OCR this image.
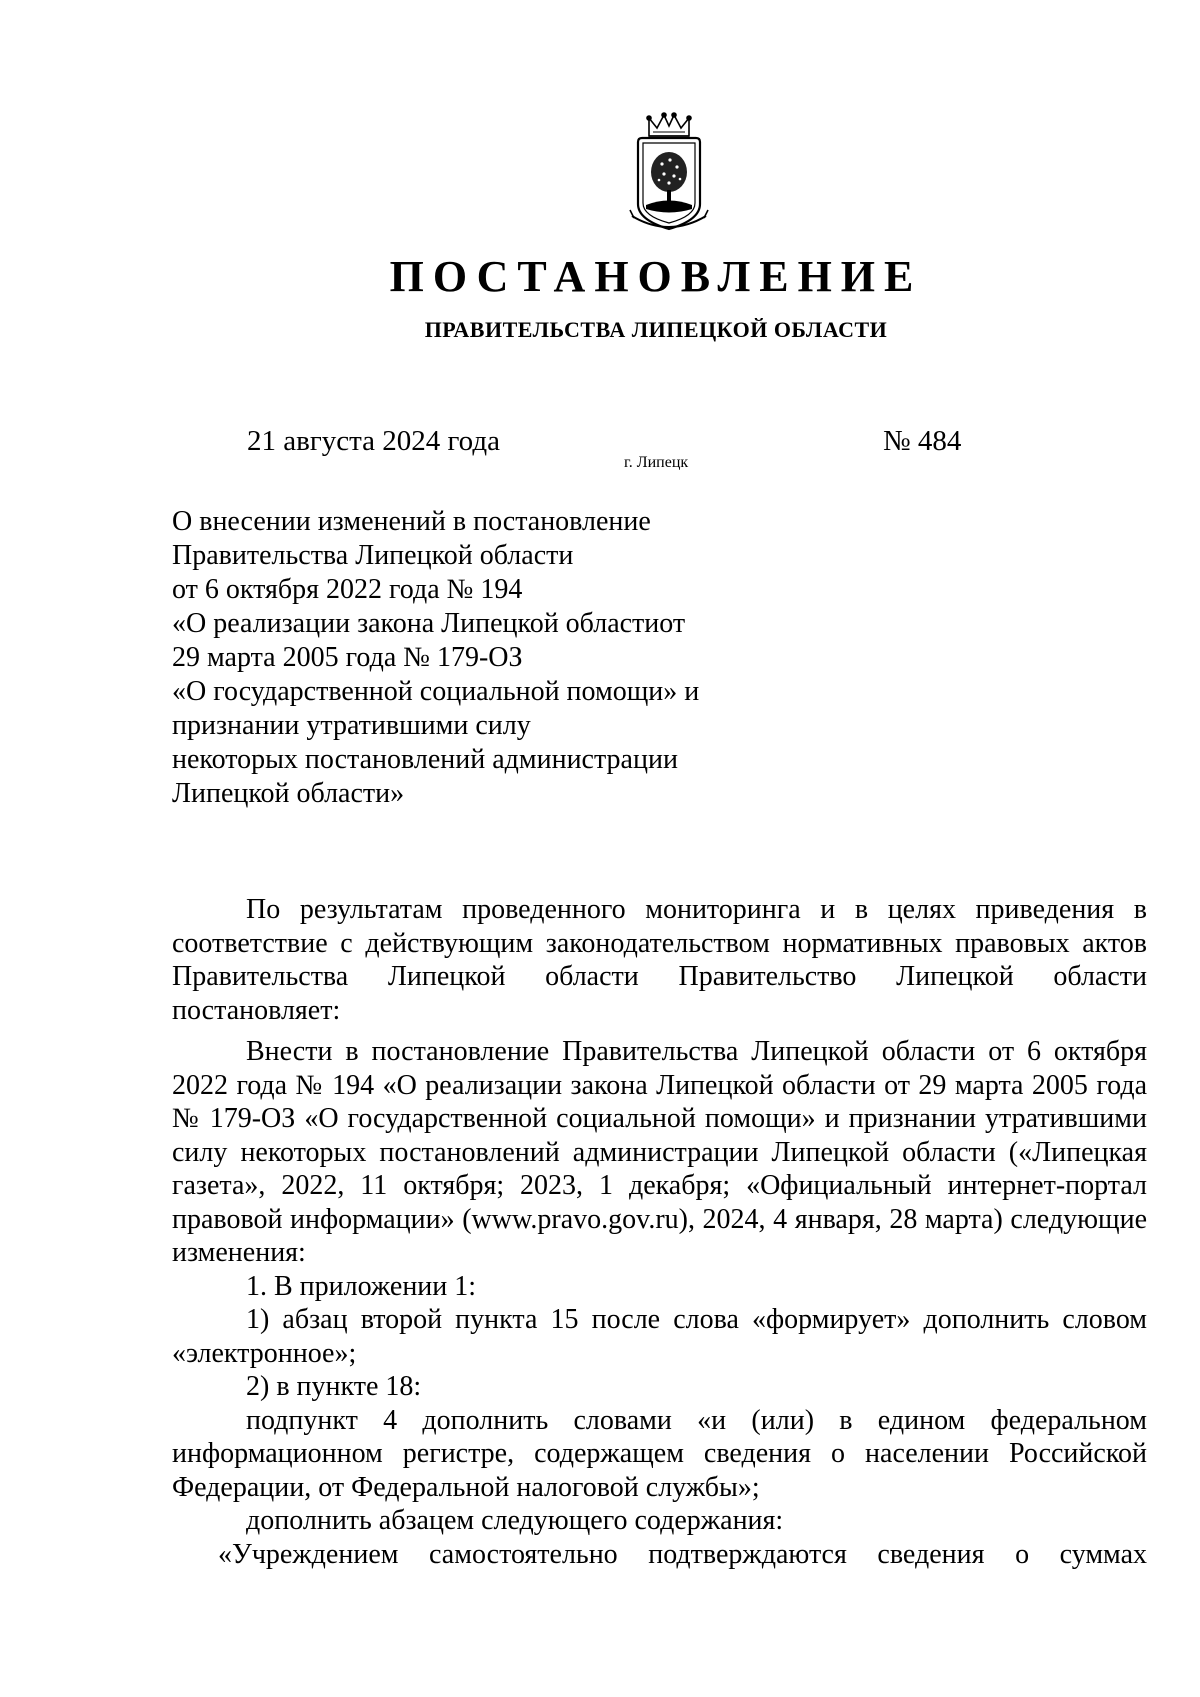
ПОСТАНОВЛЕНИЕ
ПРАВИТЕЛЬСТВА ЛИПЕЦКОЙ ОБЛАСТИ
21 августа 2024 года
г. Липецк
№ 484
О внесении изменений в постановление
Правительства Липецкой области
от 6 октября 2022 года № 194
«О реализации закона Липецкой областиот
29 марта 2005 года № 179-ОЗ
«О государственной социальной помощи» и
признании утратившими силу
некоторых постановлений администрации
Липецкой области»

По результатам проведенного мониторинга и в целях приведения в соответствие с действующим законодательством нормативных правовых актов Правительства Липецкой области Правительство Липецкой области постановляет:

Внести в постановление Правительства Липецкой области от 6 октября 2022 года № 194 «О реализации закона Липецкой области от 29 марта 2005 года № 179-ОЗ «О государственной социальной помощи» и признании утратившими силу некоторых постановлений администрации Липецкой области («Липецкая газета», 2022, 11 октября; 2023, 1 декабря; «Официальный интернет-портал правовой информации» (www.pravo.gov.ru), 2024, 4 января, 28 марта) следующие изменения:

1. В приложении 1:

1) абзац второй пункта 15 после слова «формирует» дополнить словом
«электронное»;
2) в пункте 18:
подпункт 4 дополнить словами «и (или) в едином федеральном
информационном регистре, содержащем сведения о населении Российской
Федерации, от Федеральной налоговой службы»;
дополнить абзацем следующего содержания:
«Учреждением самостоятельно подтверждаются сведения о суммах
